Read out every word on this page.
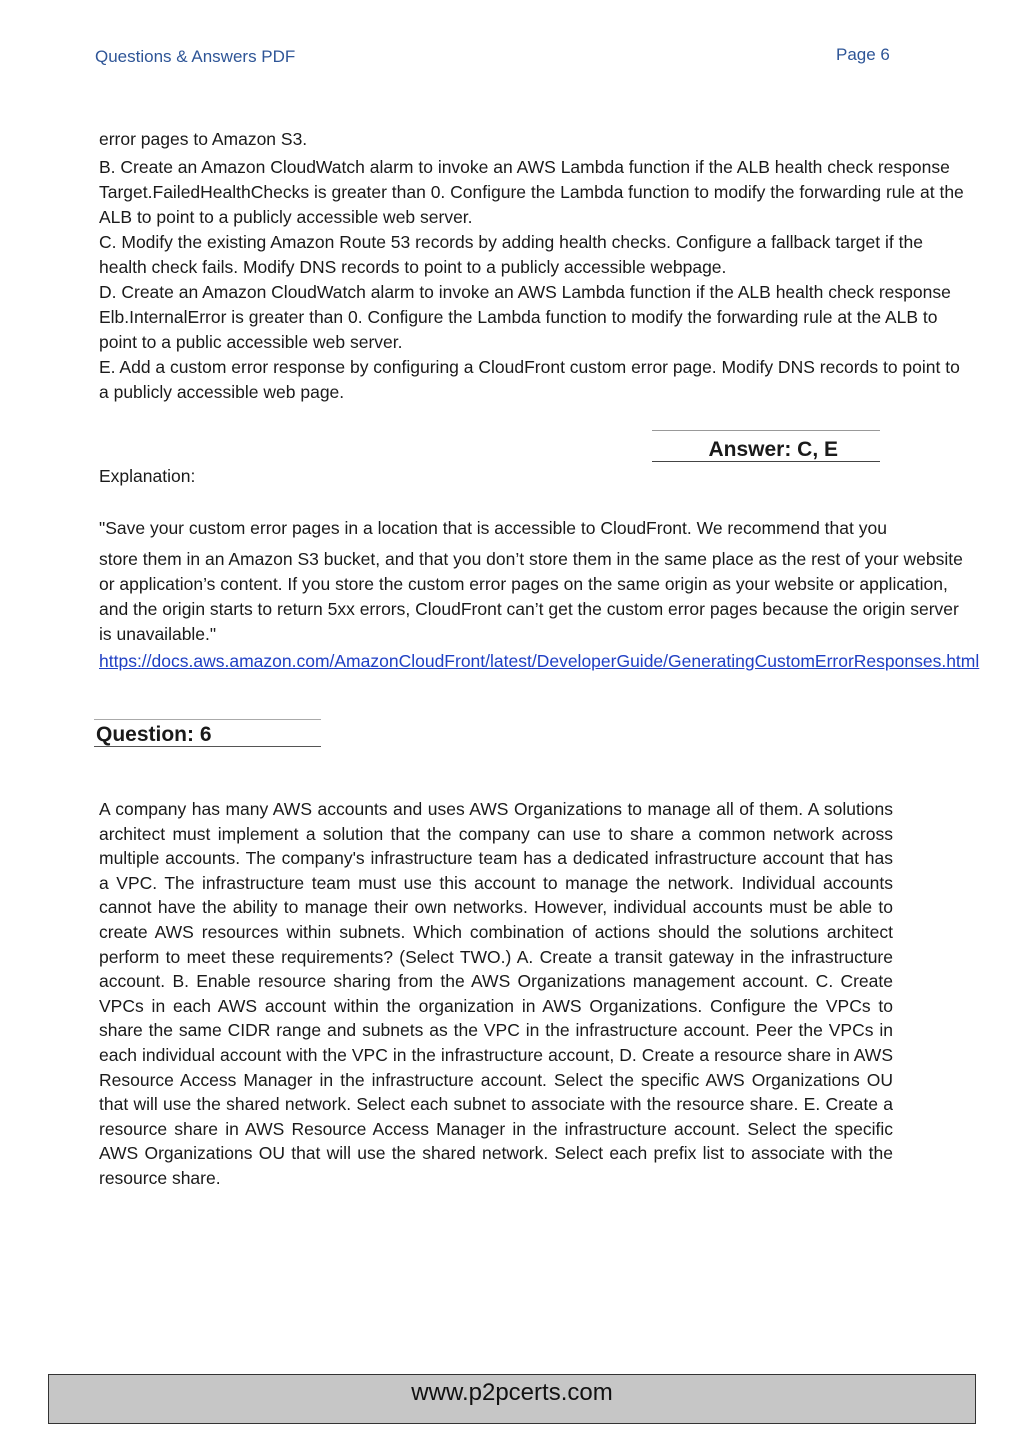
Questions & Answers PDF	Page 6

error pages to Amazon S3.

B. Create an Amazon CloudWatch alarm to invoke an AWS Lambda function if the ALB health check response Target.FailedHealthChecks is greater than 0. Configure the Lambda function to modify the forwarding rule at the ALB to point to a publicly accessible web server.

C. Modify the existing Amazon Route 53 records by adding health checks. Configure a fallback target if the health check fails. Modify DNS records to point to a publicly accessible webpage.

D. Create an Amazon CloudWatch alarm to invoke an AWS Lambda function if the ALB health check response Elb.InternalError is greater than 0. Configure the Lambda function to modify the forwarding rule at the ALB to point to a public accessible web server.

E. Add a custom error response by configuring a CloudFront custom error page. Modify DNS records to point to a publicly accessible web page.

Answer: C, E
Explanation:

"Save your custom error pages in a location that is accessible to CloudFront. We recommend that you

store them in an Amazon S3 bucket, and that you don’t store them in the same place as the rest of your website or application’s content. If you store the custom error pages on the same origin as your website or application, and the origin starts to return 5xx errors, CloudFront can’t get the custom error pages because the origin server is unavailable."

https://docs.aws.amazon.com/AmazonCloudFront/latest/DeveloperGuide/GeneratingCustomErrorResponses.html
Question: 6
A company has many AWS accounts and uses AWS Organizations to manage all of them. A solutions architect must implement a solution that the company can use to share a common network across multiple accounts. The company's infrastructure team has a dedicated infrastructure account that has a VPC. The infrastructure team must use this account to manage the network. Individual accounts cannot have the ability to manage their own networks. However, individual accounts must be able to create AWS resources within subnets. Which combination of actions should the solutions architect perform to meet these requirements? (Select TWO.) A. Create a transit gateway in the infrastructure account. B. Enable resource sharing from the AWS Organizations management account. C. Create VPCs in each AWS account within the organization in AWS Organizations. Configure the VPCs to share the same CIDR range and subnets as the VPC in the infrastructure account. Peer the VPCs in each individual account with the VPC in the infrastructure account, D. Create a resource share in AWS Resource Access Manager in the infrastructure account. Select the specific AWS Organizations OU that will use the shared network. Select each subnet to associate with the resource share. E. Create a resource share in AWS Resource Access Manager in the infrastructure account. Select the specific AWS Organizations OU that will use the shared network. Select each prefix list to associate with the resource share.
www.p2pcerts.com
